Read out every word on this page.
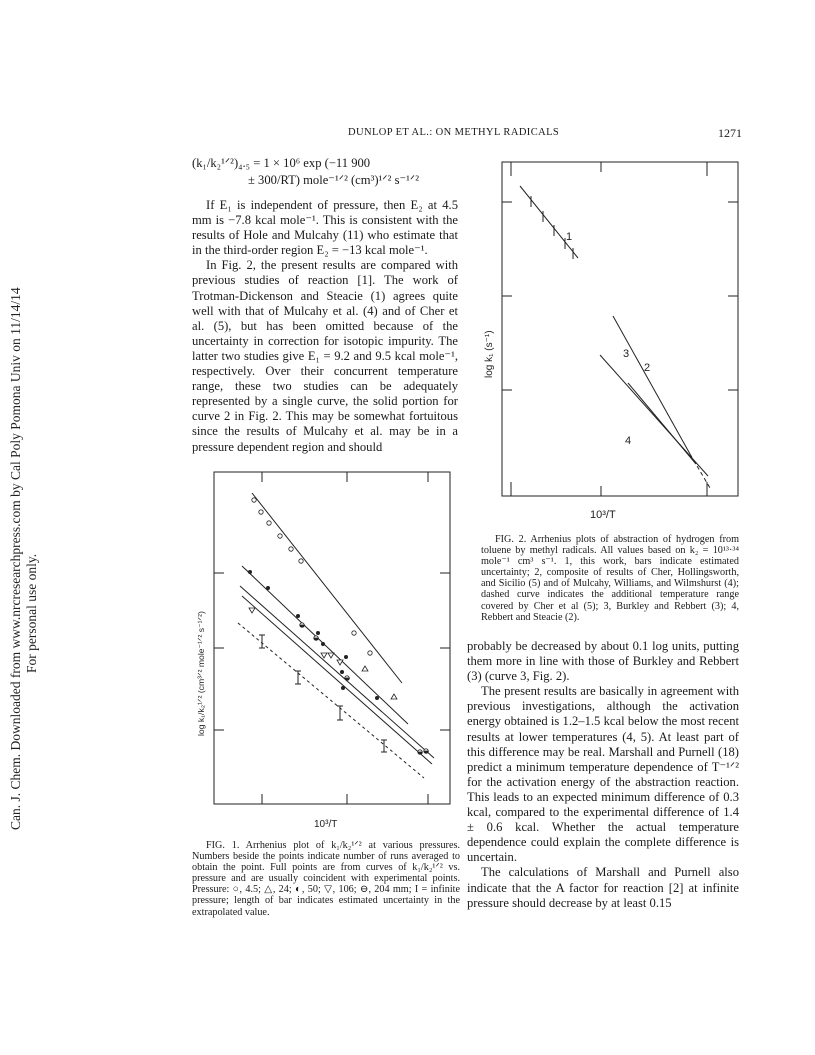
Can. J. Chem. Downloaded from www.nrcresearchpress.com by Cal Poly Pomona Univ on 11/14/14 For personal use only.
DUNLOP ET AL.: ON METHYL RADICALS	1271
(k₁/k₂¹ᐟ²)₄.₅ = 1 × 10⁶ exp (−11 900
± 300/RT) mole⁻¹ᐟ² (cm³)¹ᐟ² s⁻¹ᐟ²

If E₁ is independent of pressure, then E₂ at 4.5 mm is −7.8 kcal mole⁻¹. This is consistent with the results of Hole and Mulcahy (11) who estimate that in the third-order region E₂ = −13 kcal mole⁻¹.

In Fig. 2, the present results are compared with previous studies of reaction [1]. The work of Trotman-Dickenson and Steacie (1) agrees quite well with that of Mulcahy et al. (4) and of Cher et al. (5), but has been omitted because of the uncertainty in correction for isotopic impurity. The latter two studies give E₁ = 9.2 and 9.5 kcal mole⁻¹, respectively. Over their concurrent temperature range, these two studies can be adequately represented by a single curve, the solid portion for curve 2 in Fig. 2. This may be somewhat fortuitous since the results of Mulcahy et al. may be in a pressure dependent region and should

10³/T
log k₁/k₂¹ᐟ² (cm³ᐟ² mole⁻¹ᐟ² s⁻¹ᐟ²)

FIG. 1. Arrhenius plot of k₁/k₂¹ᐟ² at various pressures. Numbers beside the points indicate number of runs averaged to obtain the point. Full points are from curves of k₁/k₂¹ᐟ² vs. pressure and are usually coincident with experimental points. Pressure: ○, 4.5; △, 24; ◐, 50; ▽, 106; ⊖, 204 mm; I = infinite pressure; length of bar indicates estimated uncertainty in the extrapolated value.

1
2
3
4
10³/T
log k₁ (s⁻¹)

FIG. 2. Arrhenius plots of abstraction of hydrogen from toluene by methyl radicals. All values based on k₂ = 10¹³·³⁴ mole⁻¹ cm³ s⁻¹. 1, this work, bars indicate estimated uncertainty; 2, composite of results of Cher, Hollingsworth, and Sicilio (5) and of Mulcahy, Williams, and Wilmshurst (4); dashed curve indicates the additional temperature range covered by Cher et al (5); 3, Burkley and Rebbert (3); 4, Rebbert and Steacie (2).

probably be decreased by about 0.1 log units, putting them more in line with those of Burkley and Rebbert (3) (curve 3, Fig. 2).

The present results are basically in agreement with previous investigations, although the activation energy obtained is 1.2–1.5 kcal below the most recent results at lower temperatures (4, 5). At least part of this difference may be real. Marshall and Purnell (18) predict a minimum temperature dependence of T⁻¹ᐟ² for the activation energy of the abstraction reaction. This leads to an expected minimum difference of 0.3 kcal, compared to the experimental difference of 1.4 ± 0.6 kcal. Whether the actual temperature dependence could explain the complete difference is uncertain.

The calculations of Marshall and Purnell also indicate that the A factor for reaction [2] at infinite pressure should decrease by at least 0.15
